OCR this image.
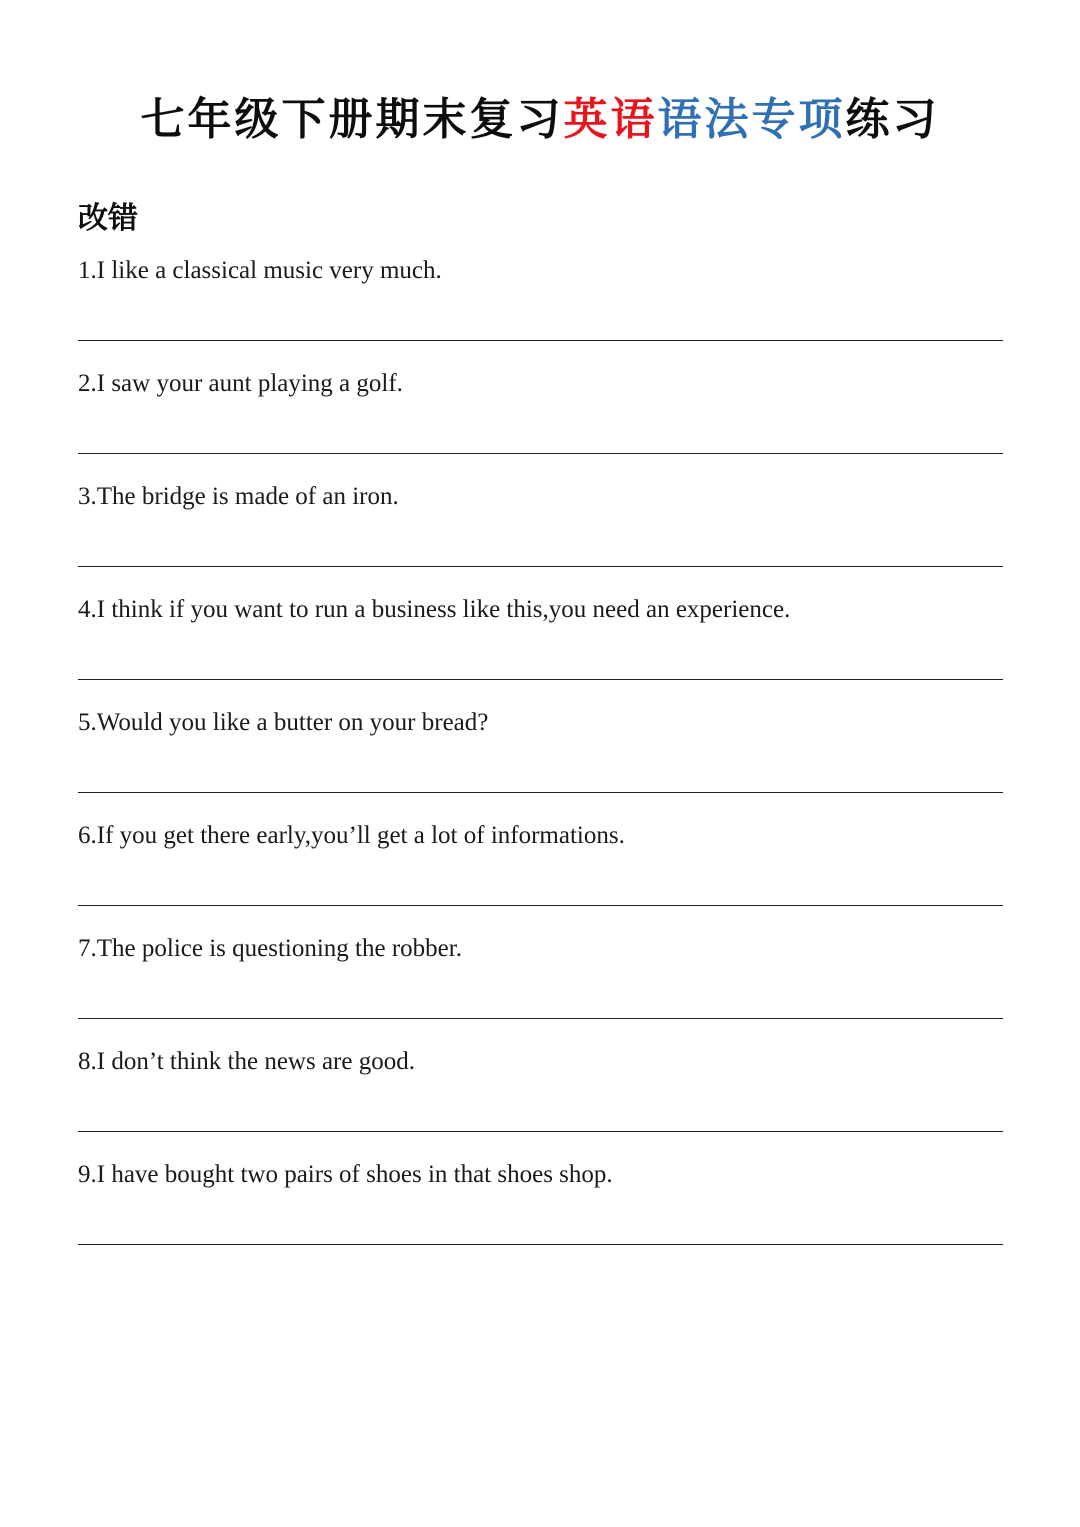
七年级下册期末复习英语语法专项练习
改错
1.I like a classical music very much.
2.I saw your aunt playing a golf.
3.The bridge is made of an iron.
4.I think if you want to run a business like this,you need an experience.
5.Would you like a butter on your bread?
6.If you get there early,you’ll get a lot of informations.
7.The police is questioning the robber.
8.I don’t think the news are good.
9.I have bought two pairs of shoes in that shoes shop.
